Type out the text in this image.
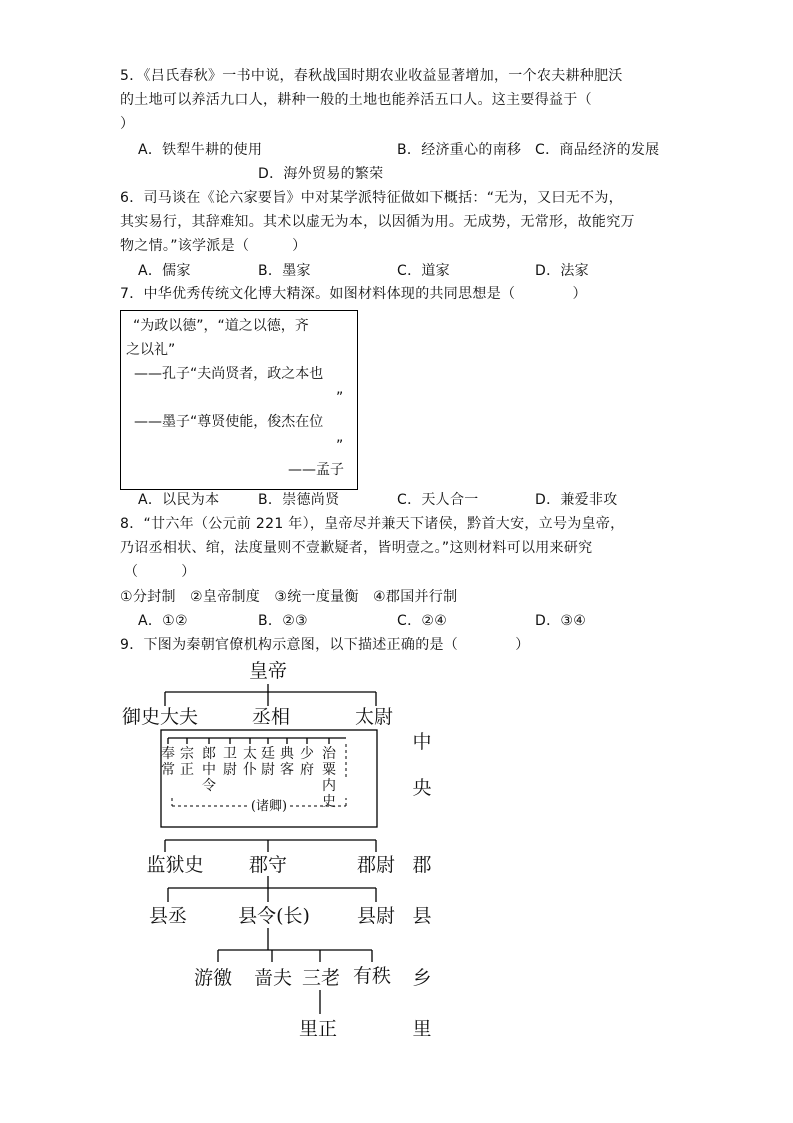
5．《吕氏春秋》一书中说，春秋战国时期农业收益显著增加，一个农夫耕种肥沃
的土地可以养活九口人，耕种一般的土地也能养活五口人。这主要得益于（
）
A．铁犁牛耕的使用	B．经济重心的南移 C．商品经济的发展
D．海外贸易的繁荣
6．司马谈在《论六家要旨》中对某学派特征做如下概括：“无为，又曰无不为，
其实易行，其辞难知。其术以虚无为本，以因循为用。无成势，无常形，故能究万
物之情。”该学派是（　　　）
A．儒家	B．墨家	C．道家	D．法家
7．中华优秀传统文化博大精深。如图材料体现的共同思想是（　　　　）
“为政以德”，“道之以德，齐
之以礼”
——孔子“夫尚贤者，政之本也
”
——墨子“尊贤使能，俊杰在位
”
——孟子
A．以民为本	B．崇德尚贤	C．天人合一	D．兼爱非攻
8．“廿六年（公元前 221 年），皇帝尽并兼天下诸侯，黔首大安，立号为皇帝，
乃诏丞相状、绾，法度量则不壹歉疑者，皆明壹之。”这则材料可以用来研究
（　　　）
①分封制　②皇帝制度　③统一度量衡　④郡国并行制
A．①②	B．②③	C．②④	D．③④
9．下图为秦朝官僚机构示意图，以下描述正确的是（　　　　）
皇帝
御史大夫	丞相	太尉
奉
常
宗
正
郎
中
令
卫
尉
太
仆
廷
尉
典
客
少
府
治
粟
内
史
(诸卿)
中
央
监狱史 郡守	郡尉 郡
县丞	县令(长) 县尉 县
游徼 啬夫 三老 有秩 乡
里正	里
